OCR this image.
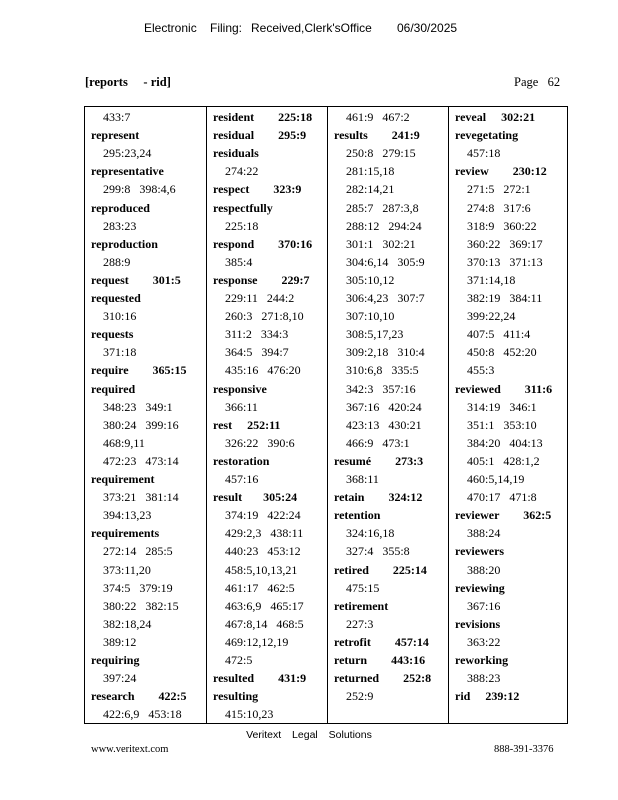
Electronic Filing: Received,Clerk'sOffice 06/30/2025
[reports     - rid]	Page   62
433:7
represent
295:23,24
representative
299:8   398:4,6
reproduced
283:23
reproduction
288:9
request        301:5
requested
310:16
requests
371:18
require        365:15
required
348:23   349:1
380:24   399:16
468:9,11
472:23   473:14
requirement
373:21   381:14
394:13,23
requirements
272:14   285:5
373:11,20
374:5   379:19
380:22   382:15
382:18,24
389:12
requiring
397:24
research        422:5
422:6,9   453:18
resident        225:18
residual        295:9
residuals
274:22
respect        323:9
respectfully
225:18
respond        370:16
385:4
response        229:7
229:11   244:2
260:3   271:8,10
311:2   334:3
364:5   394:7
435:16   476:20
responsive
366:11
rest     252:11
326:22   390:6
restoration
457:16
result       305:24
374:19   422:24
429:2,3   438:11
440:23   453:12
458:5,10,13,21
461:17   462:5
463:6,9   465:17
467:8,14   468:5
469:12,12,19
472:5
resulted        431:9
resulting
415:10,23
461:9   467:2
results        241:9
250:8   279:15
281:15,18
282:14,21
285:7   287:3,8
288:12   294:24
301:1   302:21
304:6,14   305:9
305:10,12
306:4,23   307:7
307:10,10
308:5,17,23
309:2,18   310:4
310:6,8   335:5
342:3   357:16
367:16   420:24
423:13   430:21
466:9   473:1
resumé        273:3
368:11
retain        324:12
retention
324:16,18
327:4   355:8
retired        225:14
475:15
retirement
227:3
retrofit        457:14
return        443:16
returned        252:8
252:9
reveal     302:21
revegetating
457:18
review        230:12
271:5   272:1
274:8   317:6
318:9   360:22
360:22   369:17
370:13   371:13
371:14,18
382:19   384:11
399:22,24
407:5   411:4
450:8   452:20
455:3
reviewed        311:6
314:19   346:1
351:1   353:10
384:20   404:13
405:1   428:1,2
460:5,14,19
470:17   471:8
reviewer        362:5
388:24
reviewers
388:20
reviewing
367:16
revisions
363:22
reworking
388:23
rid     239:12
Veritext Legal Solutions
www.veritext.com	888-391-3376
